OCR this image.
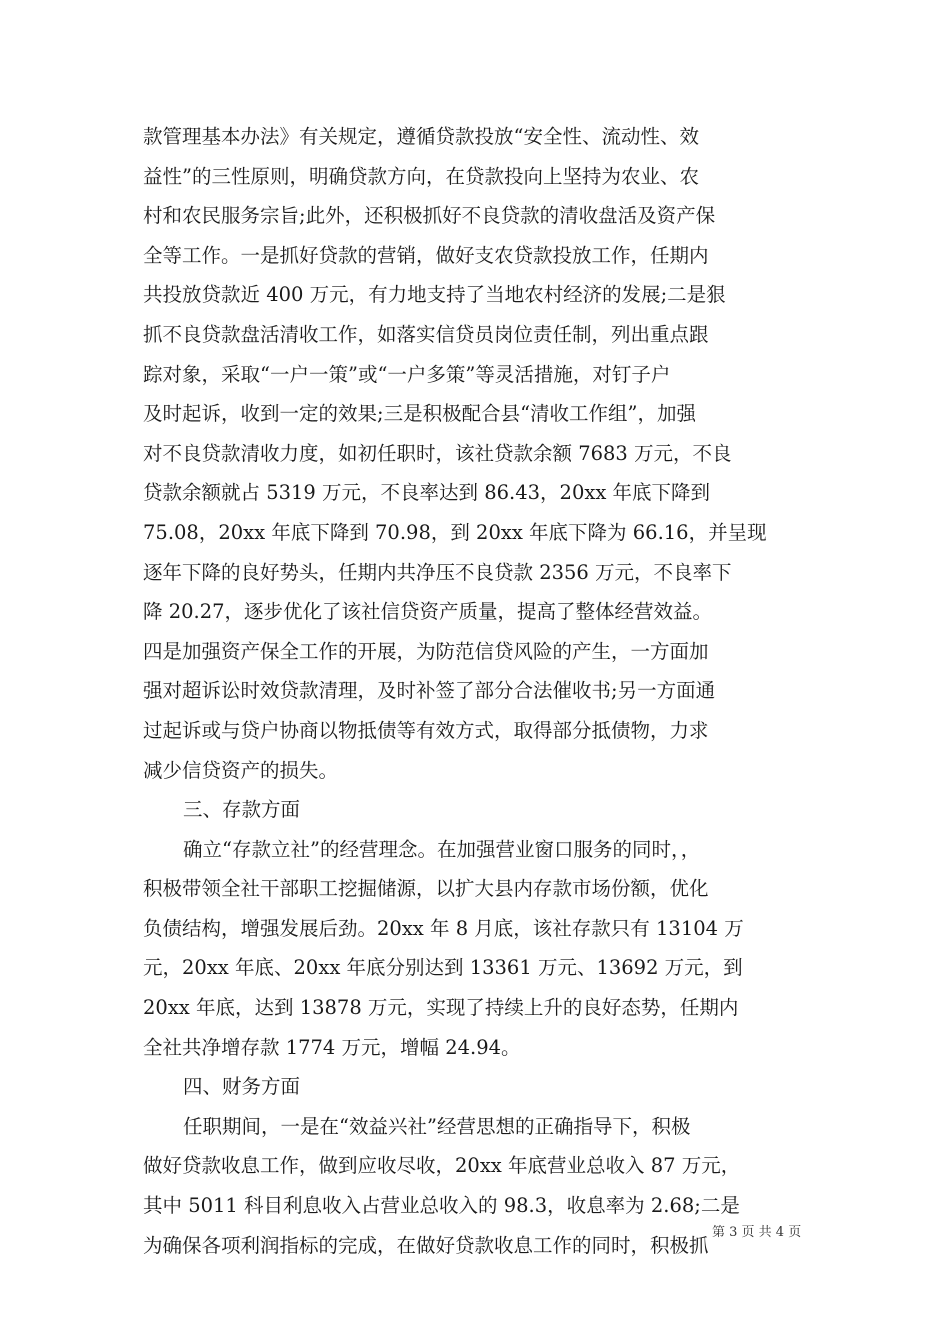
款管理基本办法》有关规定，遵循贷款投放“安全性、流动性、效
益性”的三性原则，明确贷款方向，在贷款投向上坚持为农业、农
村和农民服务宗旨;此外，还积极抓好不良贷款的清收盘活及资产保
全等工作。一是抓好贷款的营销，做好支农贷款投放工作，任期内
共投放贷款近 400 万元，有力地支持了当地农村经济的发展;二是狠
抓不良贷款盘活清收工作，如落实信贷员岗位责任制，列出重点跟
踪对象，采取“一户一策”或“一户多策”等灵活措施，对钉子户
及时起诉，收到一定的效果;三是积极配合县“清收工作组”，加强
对不良贷款清收力度，如初任职时，该社贷款余额 7683 万元，不良
贷款余额就占 5319 万元，不良率达到 86.43，20xx 年底下降到
75.08，20xx 年底下降到 70.98，到 20xx 年底下降为 66.16，并呈现
逐年下降的良好势头，任期内共净压不良贷款 2356 万元，不良率下
降 20.27，逐步优化了该社信贷资产质量，提高了整体经营效益。
四是加强资产保全工作的开展，为防范信贷风险的产生，一方面加
强对超诉讼时效贷款清理，及时补签了部分合法催收书;另一方面通
过起诉或与贷户协商以物抵债等有效方式，取得部分抵债物，力求
减少信贷资产的损失。
三、存款方面
确立“存款立社”的经营理念。在加强营业窗口服务的同时，，
积极带领全社干部职工挖掘储源，以扩大县内存款市场份额，优化
负债结构，增强发展后劲。20xx 年 8 月底，该社存款只有 13104 万
元，20xx 年底、20xx 年底分别达到 13361 万元、13692 万元，到
20xx 年底，达到 13878 万元，实现了持续上升的良好态势，任期内
全社共净增存款 1774 万元，增幅 24.94。
四、财务方面
任职期间，一是在“效益兴社”经营思想的正确指导下，积极
做好贷款收息工作，做到应收尽收，20xx 年底营业总收入 87 万元，
其中 5011 科目利息收入占营业总收入的 98.3，收息率为 2.68;二是
为确保各项利润指标的完成，在做好贷款收息工作的同时，积极抓
第 3 页 共 4 页
